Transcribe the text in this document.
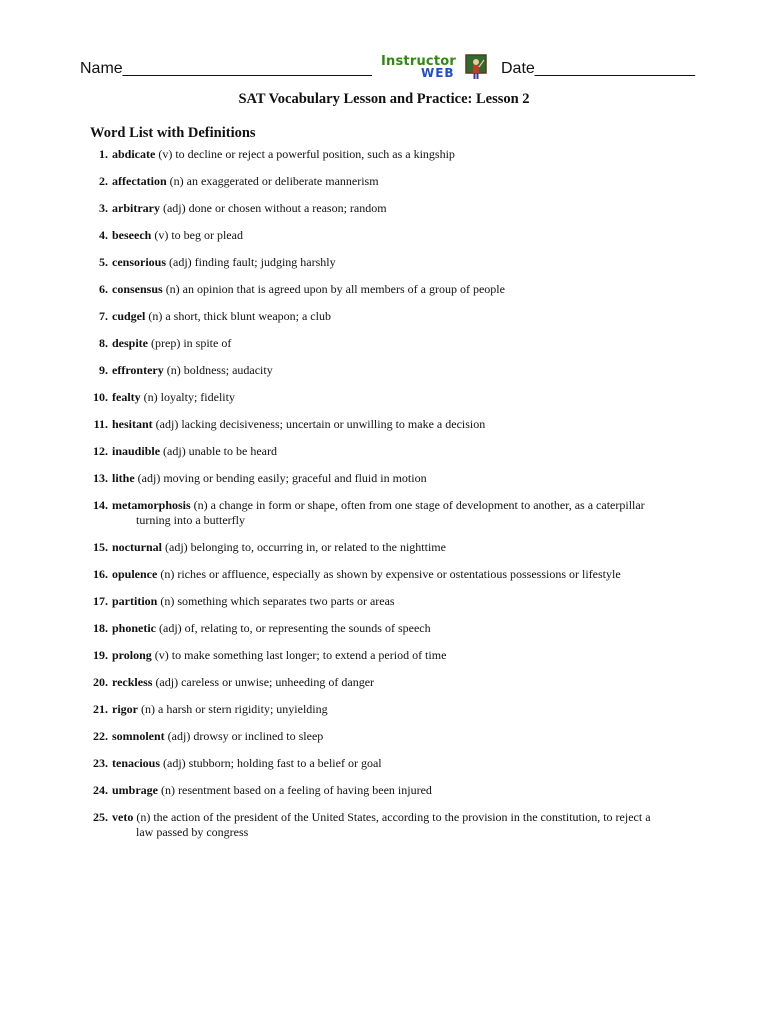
Name____________________________ Instructor
WEB	Date__________________
SAT Vocabulary Lesson and Practice: Lesson 2
Word List with Definitions
1. abdicate (v) to decline or reject a powerful position, such as a kingship
2. affectation (n) an exaggerated or deliberate mannerism
3. arbitrary (adj) done or chosen without a reason; random
4. beseech (v) to beg or plead
5. censorious (adj) finding fault; judging harshly
6. consensus (n) an opinion that is agreed upon by all members of a group of people
7. cudgel (n) a short, thick blunt weapon; a club
8. despite (prep) in spite of
9. effrontery (n) boldness; audacity
10. fealty (n) loyalty; fidelity
11. hesitant (adj) lacking decisiveness; uncertain or unwilling to make a decision
12. inaudible (adj) unable to be heard
13. lithe (adj) moving or bending easily; graceful and fluid in motion
14. metamorphosis (n) a change in form or shape, often from one stage of development to another, as a caterpillar
turning into a butterfly
15. nocturnal (adj) belonging to, occurring in, or related to the nighttime
16. opulence (n) riches or affluence, especially as shown by expensive or ostentatious possessions or lifestyle
17. partition (n) something which separates two parts or areas
18. phonetic (adj) of, relating to, or representing the sounds of speech
19. prolong (v) to make something last longer; to extend a period of time
20. reckless (adj) careless or unwise; unheeding of danger
21. rigor (n) a harsh or stern rigidity; unyielding
22. somnolent (adj) drowsy or inclined to sleep
23. tenacious (adj) stubborn; holding fast to a belief or goal
24. umbrage (n) resentment based on a feeling of having been injured
25. veto (n) the action of the president of the United States, according to the provision in the constitution, to reject a
law passed by congress
